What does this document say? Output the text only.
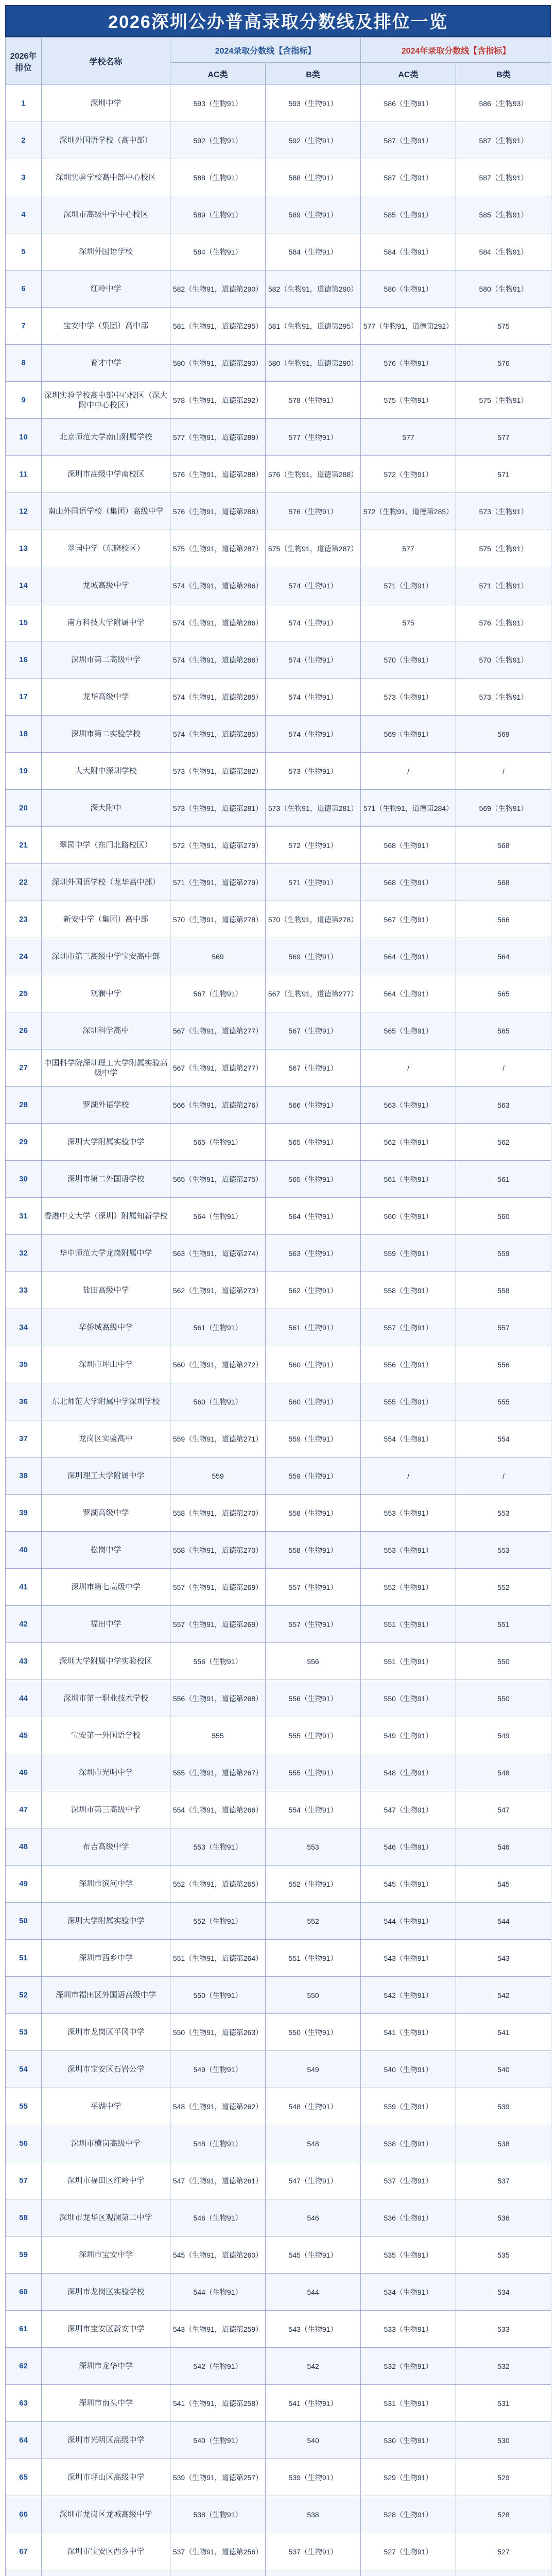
2026深圳公办普高录取分数线及排位一览
2026年排位	学校名称	2024录取分数线【含指标】		2024年录取分数线【含指标】	
		AC类	B类	AC类	B类
1	深圳中学	593（生物91）	593（生物91）	586（生物91）	586（生物93）
2	深圳外国语学校（高中部）	592（生物91）	592（生物91）	587（生物91）	587（生物91）
3	深圳实验学校高中部中心校区	588（生物91）	588（生物91）	587（生物91）	587（生物91）
4	深圳市高级中学中心校区	589（生物91）	589（生物91）	585（生物91）	585（生物91）
5	深圳外国语学校	584（生物91）	584（生物91）	584（生物91）	584（生物91）
6	红岭中学	582（生物91，道德第290）	582（生物91，道德第290）	580（生物91）	580（生物91）
7	宝安中学（集团）高中部	581（生物91，道德第295）	581（生物91，道德第295）	577（生物91，道德第292）	575
8	育才中学	580（生物91，道德第290）	580（生物91，道德第290）	576（生物91）	576
9	深圳实验学校高中部中心校区（深大附中中心校区）	578（生物91，道德第292）	578（生物91）	575（生物91）	575（生物91）
10	北京师范大学南山附属学校	577（生物91，道德第289）	577（生物91）	577	577
11	深圳市高级中学南校区	576（生物91，道德第288）	576（生物91，道德第288）	572（生物91）	571
12	南山外国语学校（集团）高级中学	576（生物91，道德第288）	576（生物91）	572（生物91，道德第285）	573（生物91）
13	翠园中学（东晓校区）	575（生物91，道德第287）	575（生物91，道德第287）	577	575（生物91）
14	龙城高级中学	574（生物91，道德第286）	574（生物91）	571（生物91）	571（生物91）
15	南方科技大学附属中学	574（生物91，道德第286）	574（生物91）	575	576（生物91）
16	深圳市第二高级中学	574（生物91，道德第286）	574（生物91）	570（生物91）	570（生物91）
17	龙华高级中学	574（生物91，道德第285）	574（生物91）	573（生物91）	573（生物91）
18	深圳市第二实验学校	574（生物91，道德第285）	574（生物91）	569（生物91）	569
19	人大附中深圳学校	573（生物91，道德第282）	573（生物91）	/	/
20	深大附中	573（生物91，道德第281）	573（生物91，道德第281）	571（生物91，道德第284）	569（生物91）
21	翠园中学（东门北路校区）	572（生物91，道德第279）	572（生物91）	568（生物91）	568
22	深圳外国语学校（龙华高中部）	571（生物91，道德第279）	571（生物91）	568（生物91）	568
23	新安中学（集团）高中部	570（生物91，道德第278）	570（生物91，道德第278）	567（生物91）	566
24	深圳市第三高级中学宝安高中部	569	569（生物91）	564（生物91）	564
25	观澜中学	567（生物91）	567（生物91，道德第277）	564（生物91）	565
26	深圳科学高中	567（生物91，道德第277）	567（生物91）	565（生物91）	565
27	中国科学院深圳理工大学附属实验高级中学	567（生物91，道德第277）	567（生物91）	/	/
28	罗湖外语学校	566（生物91，道德第276）	566（生物91）	563（生物91）	563
29	深圳大学附属实验中学	565（生物91）	565（生物91）	562（生物91）	562
30	深圳市第二外国语学校	565（生物91，道德第275）	565（生物91）	561（生物91）	561
31	香港中文大学（深圳）附属知新学校	564（生物91）	564（生物91）	560（生物91）	560
32	华中师范大学龙岗附属中学	563（生物91，道德第274）	563（生物91）	559（生物91）	559
33	盐田高级中学	562（生物91，道德第273）	562（生物91）	558（生物91）	558
34	华侨城高级中学	561（生物91）	561（生物91）	557（生物91）	557
35	深圳市坪山中学	560（生物91，道德第272）	560（生物91）	556（生物91）	556
36	东北师范大学附属中学深圳学校	560（生物91）	560（生物91）	555（生物91）	555
37	龙岗区实验高中	559（生物91，道德第271）	559（生物91）	554（生物91）	554
38	深圳理工大学附属中学	559	559（生物91）	/	/
39	罗湖高级中学	558（生物91，道德第270）	558（生物91）	553（生物91）	553
40	松岗中学	558（生物91，道德第270）	558（生物91）	553（生物91）	553
41	深圳市第七高级中学	557（生物91，道德第269）	557（生物91）	552（生物91）	552
42	福田中学	557（生物91，道德第269）	557（生物91）	551（生物91）	551
43	深圳大学附属中学实验校区	556（生物91）	556	551（生物91）	550
44	深圳市第一职业技术学校	556（生物91，道德第268）	556（生物91）	550（生物91）	550
45	宝安第一外国语学校	555	555（生物91）	549（生物91）	549
46	深圳市光明中学	555（生物91，道德第267）	555（生物91）	548（生物91）	548
47	深圳市第三高级中学	554（生物91，道德第266）	554（生物91）	547（生物91）	547
48	布吉高级中学	553（生物91）	553	546（生物91）	546
49	深圳市滨河中学	552（生物91，道德第265）	552（生物91）	545（生物91）	545
50	深圳大学附属实验中学	552（生物91）	552	544（生物91）	544
51	深圳市西乡中学	551（生物91，道德第264）	551（生物91）	543（生物91）	543
52	深圳市福田区外国语高级中学	550（生物91）	550	542（生物91）	542
53	深圳市龙岗区平冈中学	550（生物91，道德第263）	550（生物91）	541（生物91）	541
54	深圳市宝安区石岩公学	549（生物91）	549	540（生物91）	540
55	平湖中学	548（生物91，道德第262）	548（生物91）	539（生物91）	539
56	深圳市横岗高级中学	548（生物91）	548	538（生物91）	538
57	深圳市福田区红岭中学	547（生物91，道德第261）	547（生物91）	537（生物91）	537
58	深圳市龙华区观澜第二中学	546（生物91）	546	536（生物91）	536
59	深圳市宝安中学	545（生物91，道德第260）	545（生物91）	535（生物91）	535
60	深圳市龙岗区实验学校	544（生物91）	544	534（生物91）	534
61	深圳市宝安区新安中学	543（生物91，道德第259）	543（生物91）	533（生物91）	533
62	深圳市龙华中学	542（生物91）	542	532（生物91）	532
63	深圳市南头中学	541（生物91，道德第258）	541（生物91）	531（生物91）	531
64	深圳市光明区高级中学	540（生物91）	540	530（生物91）	530
65	深圳市坪山区高级中学	539（生物91，道德第257）	539（生物91）	529（生物91）	529
66	深圳市龙岗区龙城高级中学	538（生物91）	538	528（生物91）	528
67	深圳市宝安区西乡中学	537（生物91，道德第256）	537（生物91）	527（生物91）	527
